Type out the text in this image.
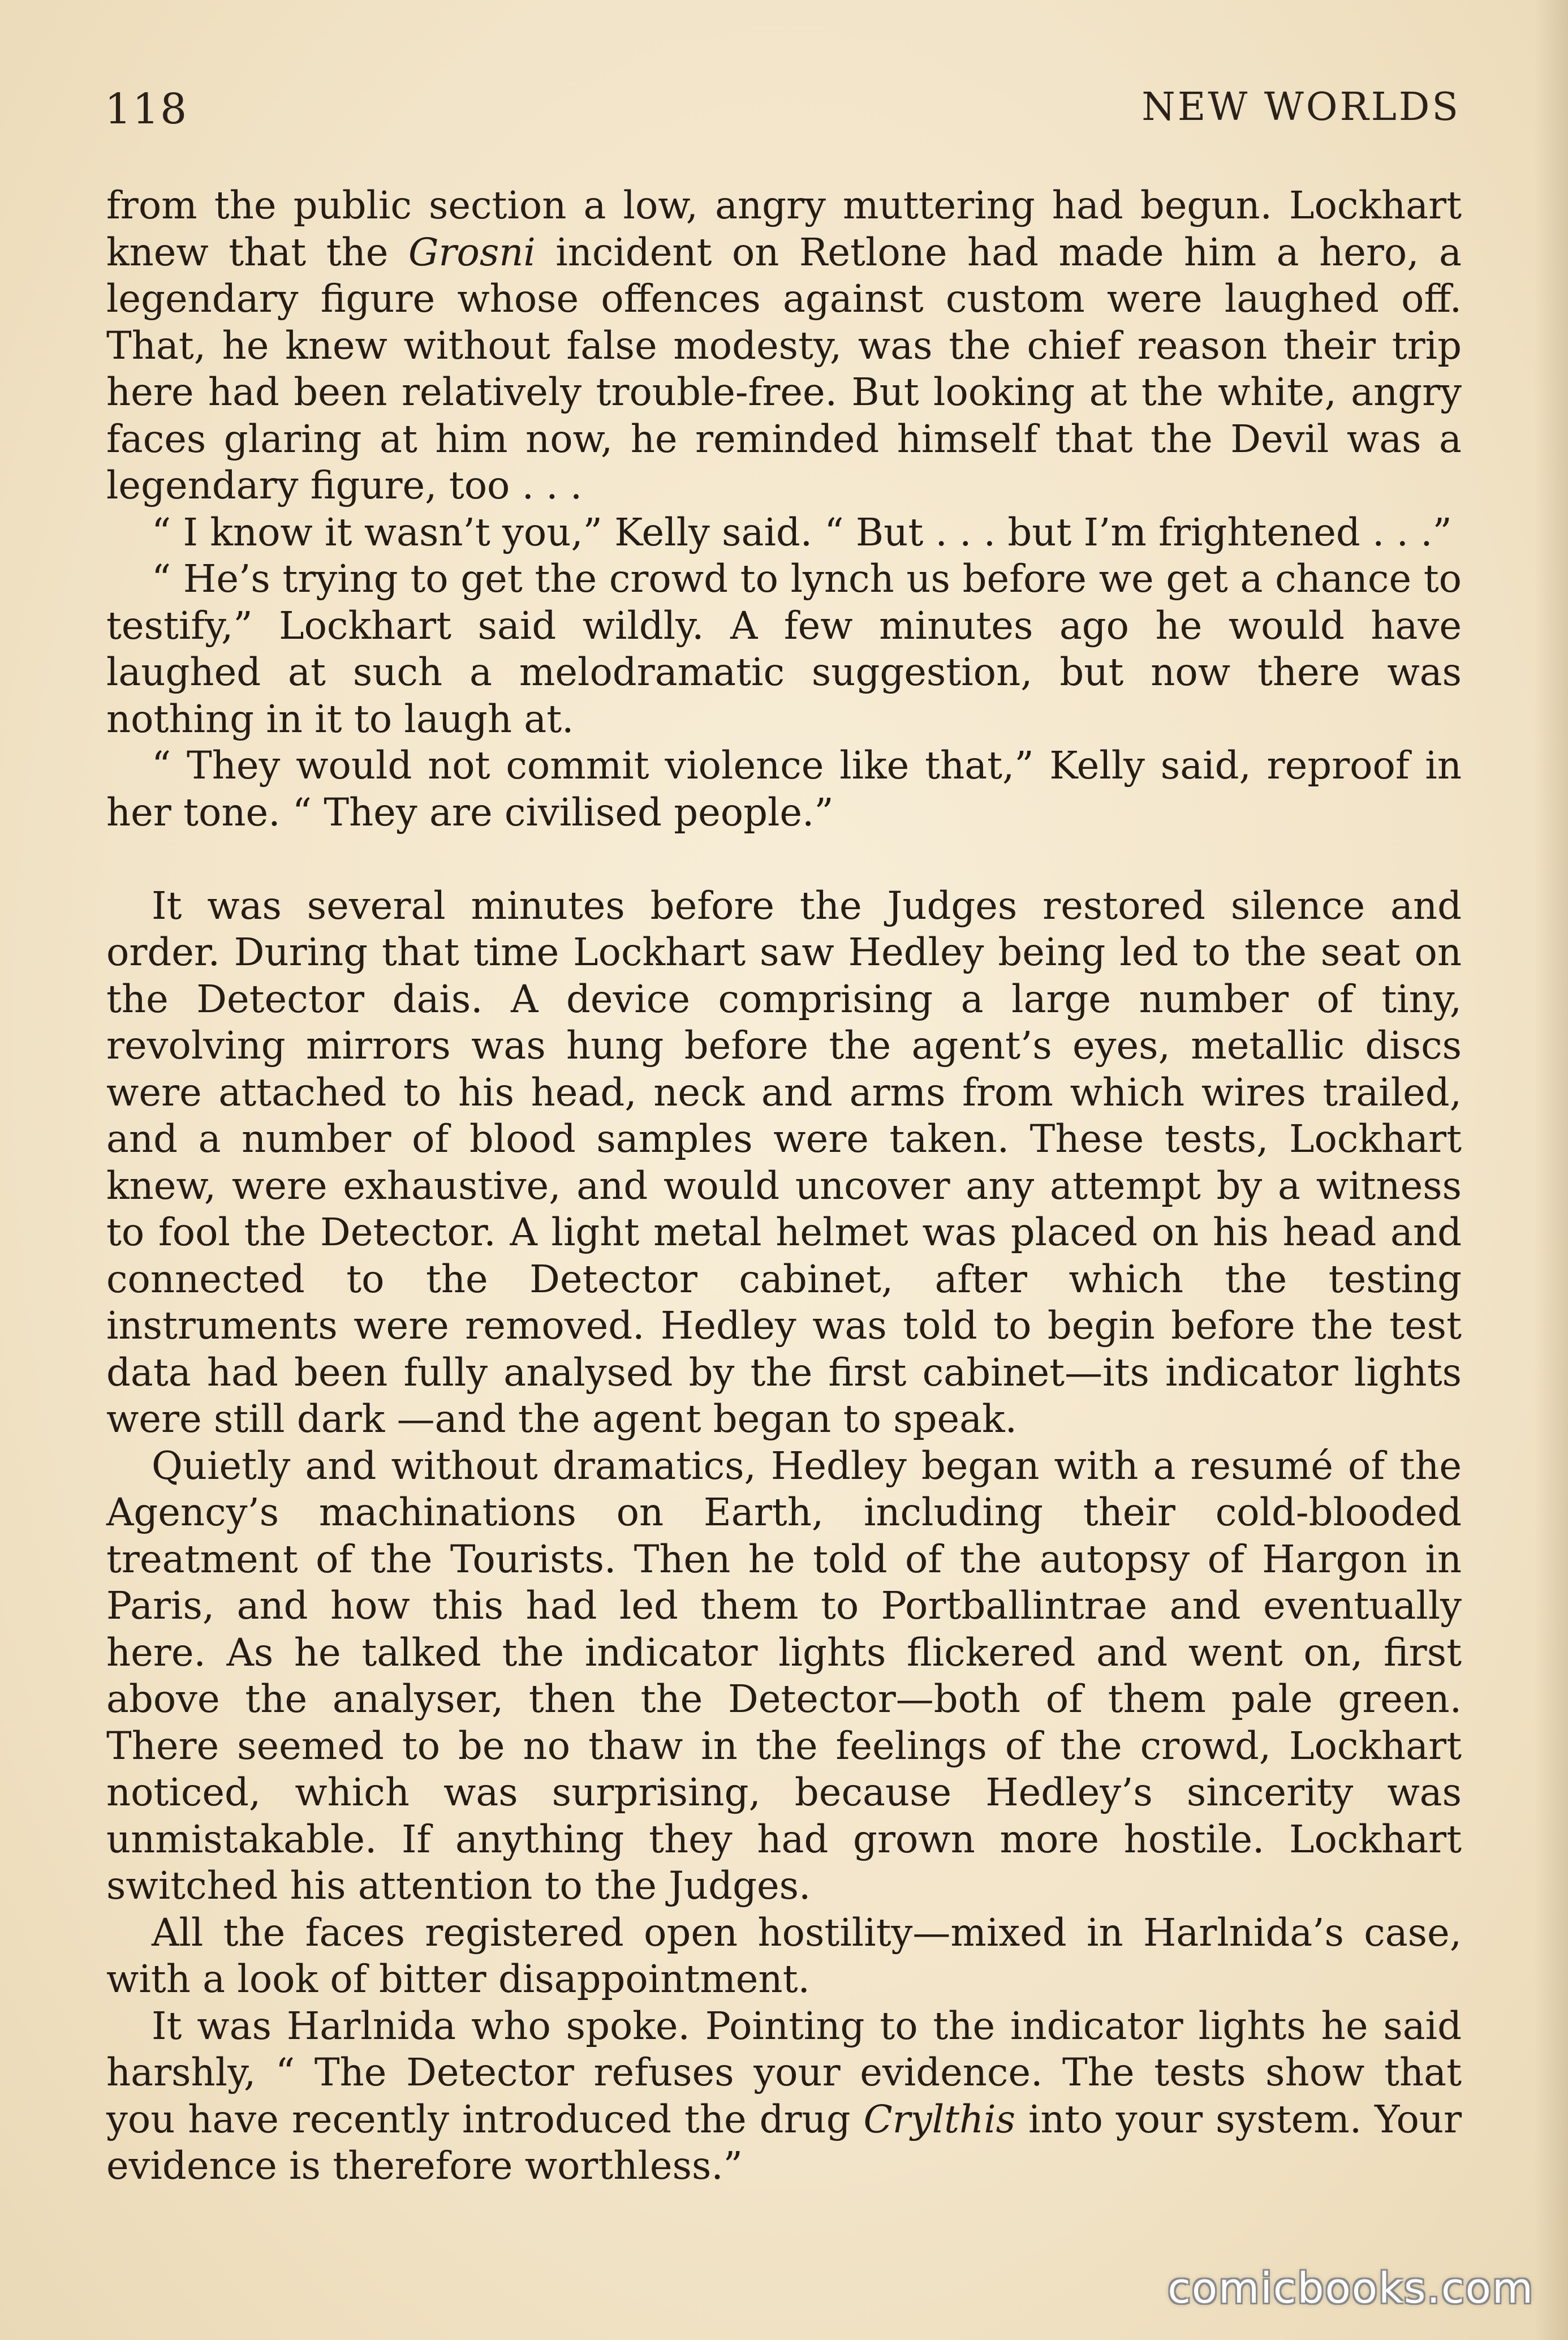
118	NEW WORLDS

from the public section a low, angry muttering had begun. Lockhart knew that the Grosni incident on Retlone had made him a hero, a legendary figure whose offences against custom were laughed off. That, he knew without false modesty, was the chief reason their trip here had been relatively trouble-free. But looking at the white, angry faces glaring at him now, he reminded himself that the Devil was a legendary figure, too . . .

“ I know it wasn’t you,” Kelly said. “ But . . . but I’m frightened . . .”

“ He’s trying to get the crowd to lynch us before we get a chance to testify,” Lockhart said wildly. A few minutes ago he would have laughed at such a melodramatic suggestion, but now there was nothing in it to laugh at.

“ They would not commit violence like that,” Kelly said, reproof in her tone. “ They are civilised people.”

It was several minutes before the Judges restored silence and order. During that time Lockhart saw Hedley being led to the seat on the Detector dais. A device comprising a large number of tiny, revolving mirrors was hung before the agent’s eyes, metallic discs were attached to his head, neck and arms from which wires trailed, and a number of blood samples were taken. These tests, Lockhart knew, were exhaustive, and would uncover any attempt by a witness to fool the Detector. A light metal helmet was placed on his head and connected to the Detector cabinet, after which the testing instruments were removed. Hedley was told to begin before the test data had been fully analysed by the first cabinet—its indicator lights were still dark —and the agent began to speak.

Quietly and without dramatics, Hedley began with a resumé of the Agency’s machinations on Earth, including their cold-blooded treatment of the Tourists. Then he told of the autopsy of Hargon in Paris, and how this had led them to Portballintrae and eventually here. As he talked the indicator lights flickered and went on, first above the analyser, then the Detector—both of them pale green. There seemed to be no thaw in the feelings of the crowd, Lockhart noticed, which was surprising, because Hedley’s sincerity was unmistakable. If anything they had grown more hostile. Lockhart switched his attention to the Judges.

All the faces registered open hostility—mixed in Harlnida’s case, with a look of bitter disappointment.

It was Harlnida who spoke. Pointing to the indicator lights he said harshly, “ The Detector refuses your evidence. The tests show that you have recently introduced the drug Crylthis into your system. Your evidence is therefore worthless.”

comicbooks.com
